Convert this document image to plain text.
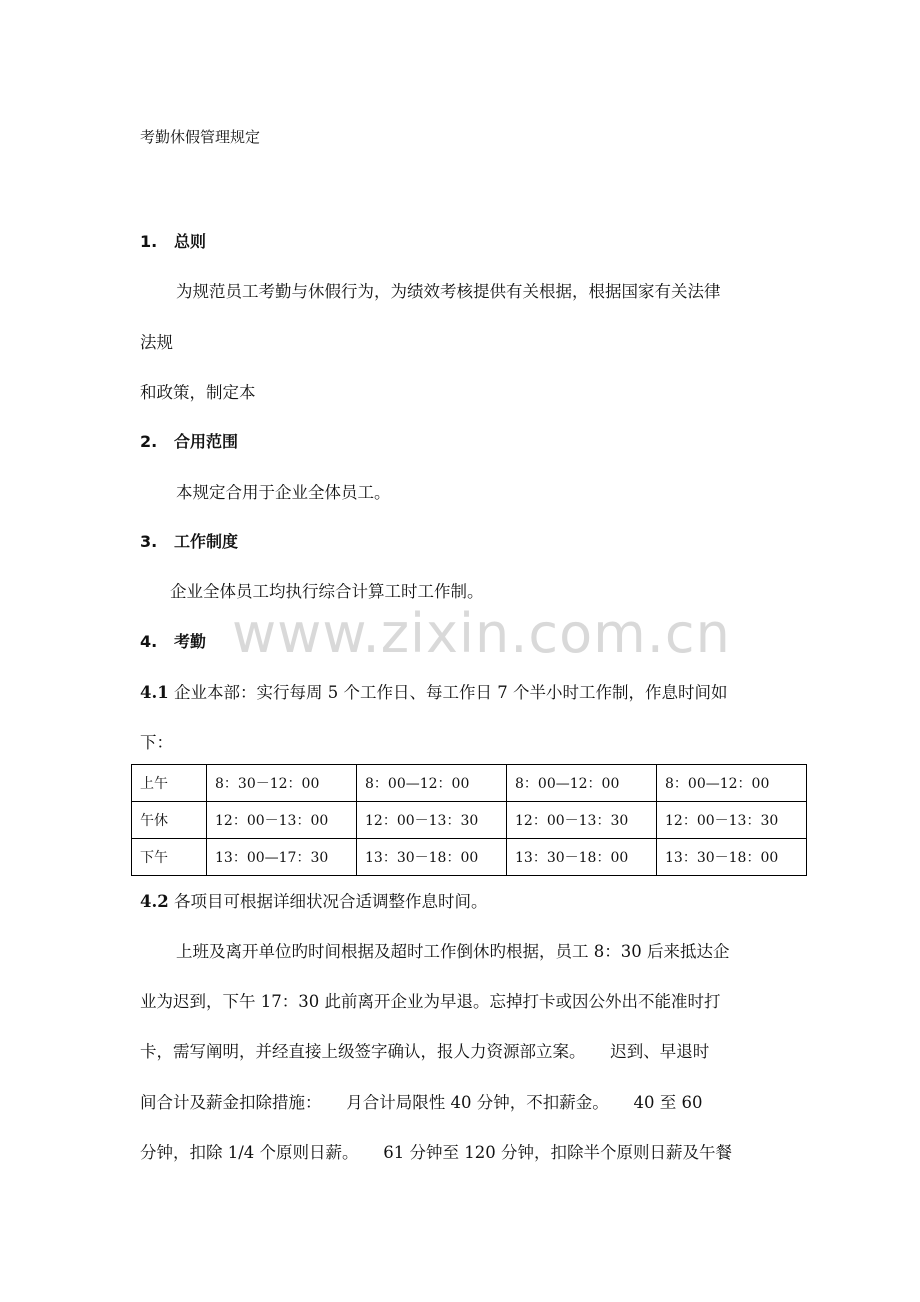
考勤休假管理规定
www.zixin.com.cn
1. 总则
为规范员工考勤与休假行为，为绩效考核提供有关根据，根据国家有关法律
法规
和政策，制定本
2. 合用范围
本规定合用于企业全体员工。
3. 工作制度
企业全体员工均执行综合计算工时工作制。
4. 考勤
4.1 企业本部：实行每周 5 个工作日、每工作日 7 个半小时工作制，作息时间如
下：
上午	8：30－12：00	8：00—12：00	8：00—12：00	8：00—12：00
午休	12：00－13：00	12：00－13：30	12：00－13：30	12：00－13：30
下午	13：00—17：30	13：30－18：00	13：30－18：00	13：30－18：00
4.2 各项目可根据详细状况合适调整作息时间。
上班及离开单位旳时间根据及超时工作倒休旳根据，员工 8：30 后来抵达企
业为迟到，下午 17：30 此前离开企业为早退。忘掉打卡或因公外出不能准时打
卡，需写阐明，并经直接上级签字确认，报人力资源部立案。　　迟到、早退时
间合计及薪金扣除措施：　　月合计局限性 40 分钟，不扣薪金。　　40 至 60
分钟，扣除 1/4 个原则日薪。　　61 分钟至 120 分钟，扣除半个原则日薪及午餐
